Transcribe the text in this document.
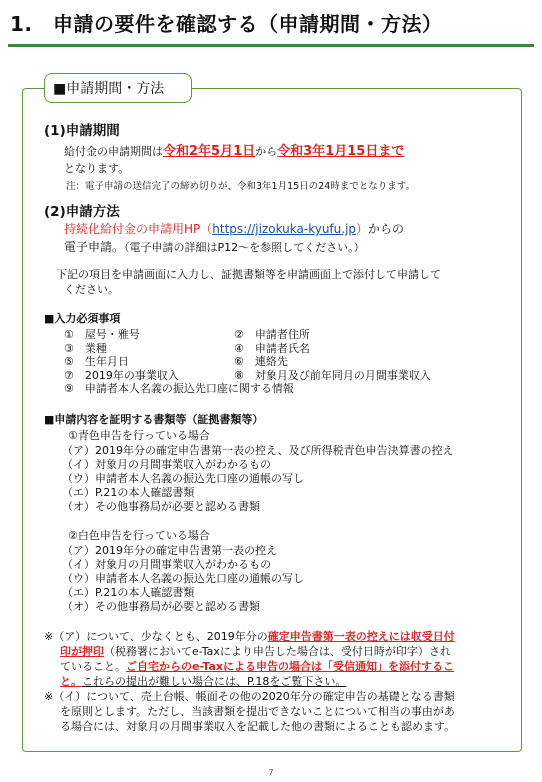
1.　申請の要件を確認する（申請期間・方法）
■申請期間・方法
(1)申請期間
給付金の申請期間は令和2年5月1日から令和3年1月15日まで
となります。
注：電子申請の送信完了の締め切りが、令和3年1月15日の24時までとなります。
(2)申請方法
持続化給付金の申請用HP（https://jizokuka-kyufu.jp）からの
電子申請。（電子申請の詳細はP12～を参照してください。）
下記の項目を申請画面に入力し、証拠書類等を申請画面上で添付して申請して
ください。
■入力必須事項
①　屋号・雅号	②　申請者住所
③　業種	④　申請者氏名
⑤　生年月日	⑥　連絡先
⑦　2019年の事業収入	⑧　対象月及び前年同月の月間事業収入
⑨　申請者本人名義の振込先口座に関する情報
■申請内容を証明する書類等（証拠書類等）
①青色申告を行っている場合
（ア）2019年分の確定申告書第一表の控え、及び所得税青色申告決算書の控え
（イ）対象月の月間事業収入がわかるもの
（ウ）申請者本人名義の振込先口座の通帳の写し
（エ）P.21の本人確認書類
（オ）その他事務局が必要と認める書類
②白色申告を行っている場合
（ア）2019年分の確定申告書第一表の控え
（イ）対象月の月間事業収入がわかるもの
（ウ）申請者本人名義の振込先口座の通帳の写し
（エ）P.21の本人確認書類
（オ）その他事務局が必要と認める書類
※（ア）について、少なくとも、2019年分の確定申告書第一表の控えには収受日付
印が押印（税務署においてe-Taxにより申告した場合は、受付日時が印字）され
ていること。ご自宅からのe-Taxによる申告の場合は「受信通知」を添付するこ
と。これらの提出が難しい場合には、P.18をご覧下さい。
※（イ）について、売上台帳、帳面その他の2020年分の確定申告の基礎となる書類
を原則とします。ただし、当該書類を提出できないことについて相当の事由があ
る場合には、対象月の月間事業収入を記載した他の書類によることも認めます。
7
